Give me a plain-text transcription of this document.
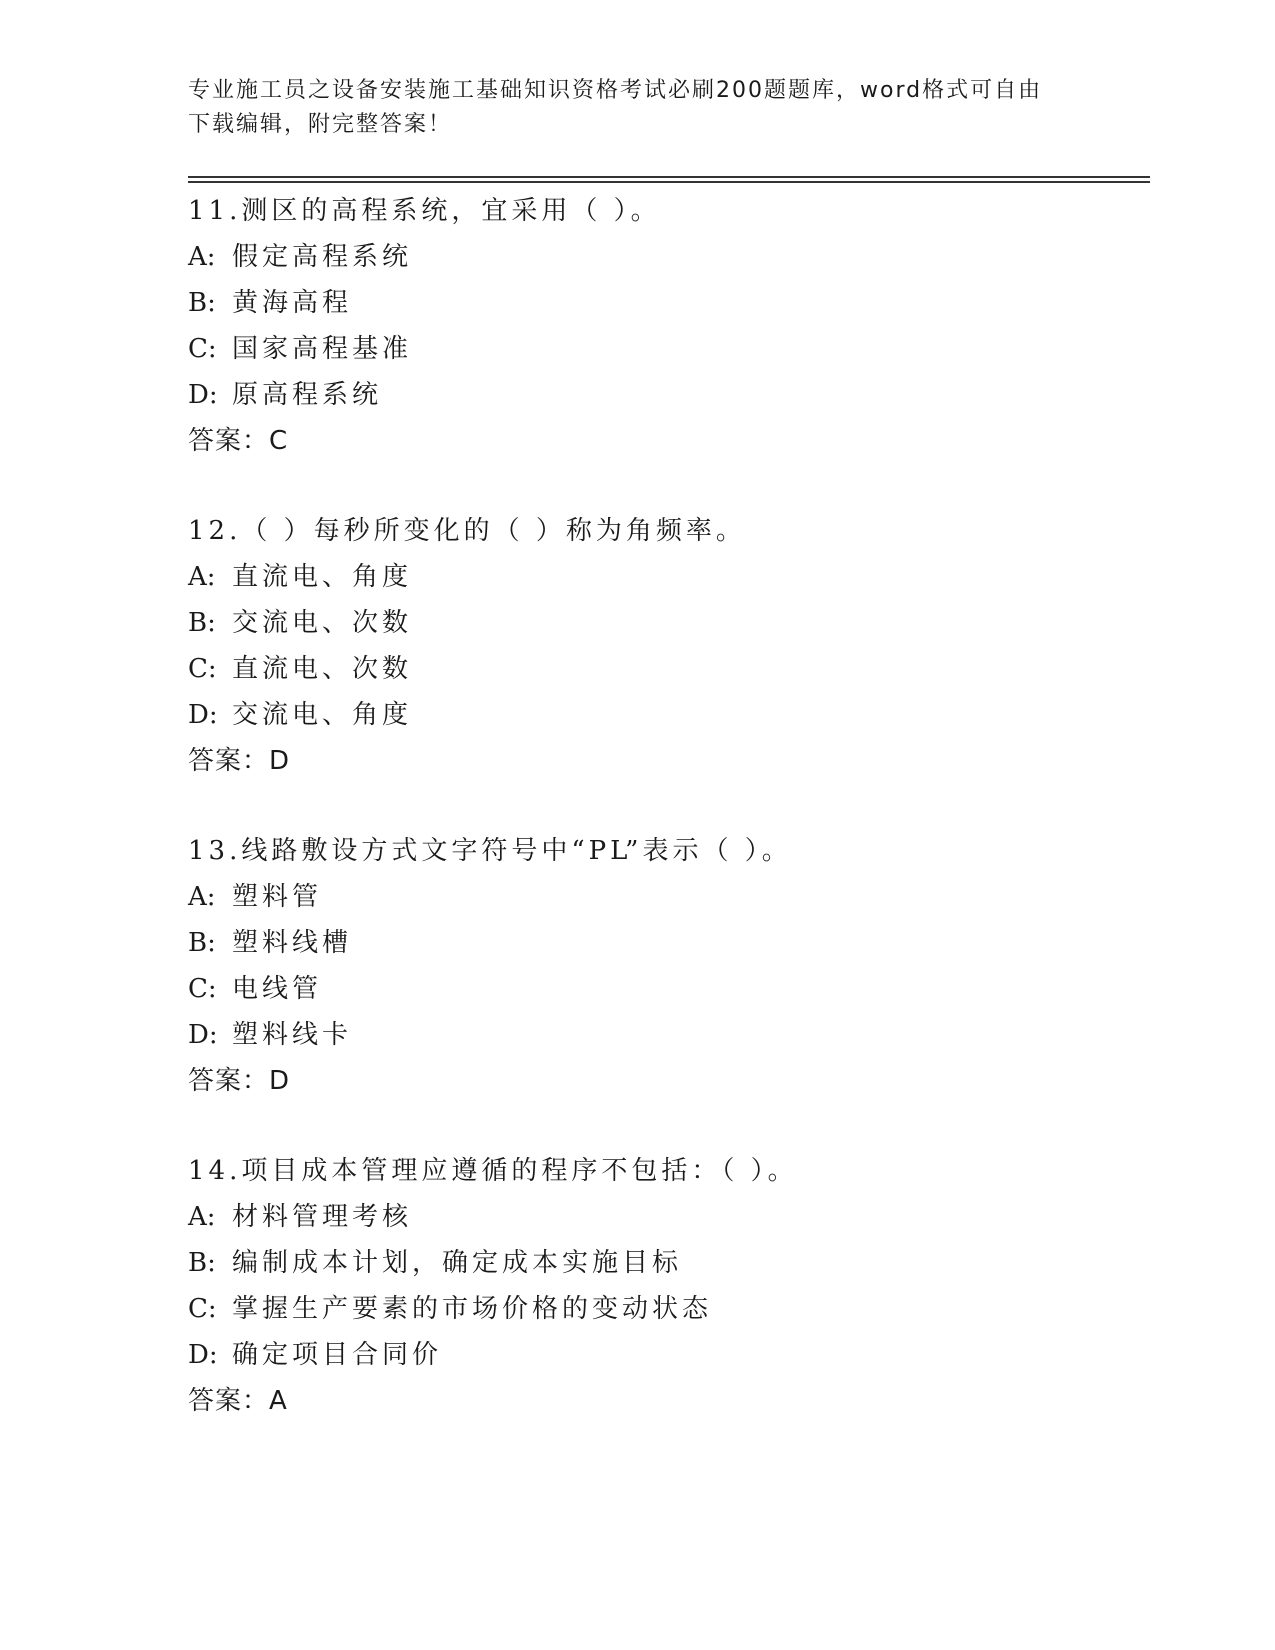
专业施工员之设备安装施工基础知识资格考试必刷200题题库，word格式可自由
下载编辑，附完整答案！
11.测区的高程系统，宜采用（ ）。
A: 假定高程系统
B: 黄海高程
C: 国家高程基准
D: 原高程系统
答案：C
12.（ ）每秒所变化的（ ）称为角频率。
A: 直流电、角度
B: 交流电、次数
C: 直流电、次数
D: 交流电、角度
答案：D
13.线路敷设方式文字符号中“PL”表示（ ）。
A: 塑料管
B: 塑料线槽
C: 电线管
D: 塑料线卡
答案：D
14.项目成本管理应遵循的程序不包括：（ ）。
A: 材料管理考核
B: 编制成本计划，确定成本实施目标
C: 掌握生产要素的市场价格的变动状态
D: 确定项目合同价
答案：A
